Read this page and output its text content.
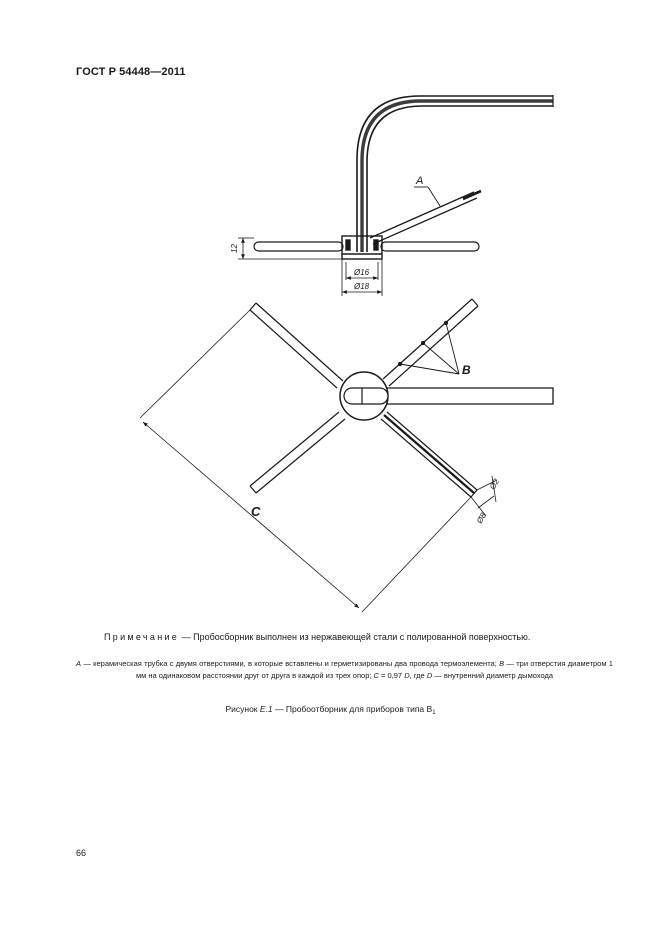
ГОСТ Р 54448—2011
A
12
Ø16
Ø18
B
C
Ø2
Ø8
Примечание — Пробосборник выполнен из нержавеющей стали с полированной поверхностью.
А — керамическая трубка с двумя отверстиями, в которые вставлены и герметизированы два провода термоэлемента; В — три отверстия диаметром 1 мм на одинаковом расстоянии друг от друга в каждой из трех опор; С = 0,97 D, где D — внутренний диаметр дымохода
Рисунок Е.1 — Пробоотборник для приборов типа $В_1$
66
